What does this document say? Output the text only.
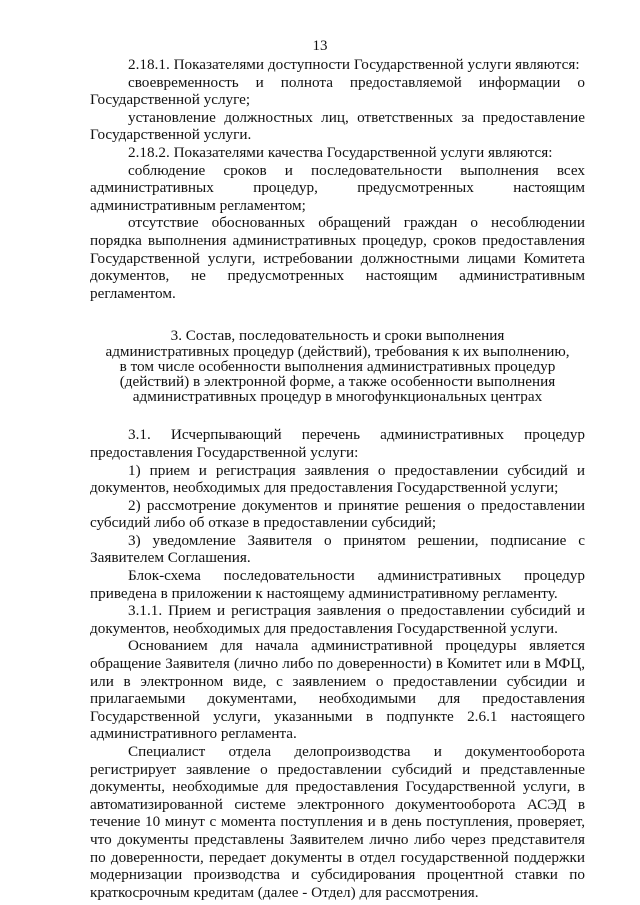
13

2.18.1. Показателями доступности Государственной услуги являются:

своевременность и полнота предоставляемой информации о Государственной услуге;

установление должностных лиц, ответственных за предоставление Государственной услуги.

2.18.2. Показателями качества Государственной услуги являются:

соблюдение сроков и последовательности выполнения всех административных процедур, предусмотренных настоящим административным регламентом;

отсутствие обоснованных обращений граждан о несоблюдении порядка выполнения административных процедур, сроков предоставления Государственной услуги, истребовании должностными лицами Комитета документов, не предусмотренных настоящим административным регламентом.

3. Состав, последовательность и сроки выполнения
административных процедур (действий), требования к их выполнению,
в том числе особенности выполнения административных процедур
(действий) в электронной форме, а также особенности выполнения
административных процедур в многофункциональных центрах

3.1. Исчерпывающий перечень административных процедур предоставления Государственной услуги:

1) прием и регистрация заявления о предоставлении субсидий и документов, необходимых для предоставления Государственной услуги;

2) рассмотрение документов и принятие решения о предоставлении субсидий либо об отказе в предоставлении субсидий;

3) уведомление Заявителя о принятом решении, подписание с Заявителем Соглашения.

Блок-схема последовательности административных процедур приведена в приложении к настоящему административному регламенту.

3.1.1. Прием и регистрация заявления о предоставлении субсидий и документов, необходимых для предоставления Государственной услуги.

Основанием для начала административной процедуры является обращение Заявителя (лично либо по доверенности) в Комитет или в МФЦ, или в электронном виде, с заявлением о предоставлении субсидии и прилагаемыми документами, необходимыми для предоставления Государственной услуги, указанными в подпункте 2.6.1 настоящего административного регламента.

Специалист отдела делопроизводства и документооборота регистрирует заявление о предоставлении субсидий и представленные документы, необходимые для предоставления Государственной услуги, в автоматизированной системе электронного документооборота АСЭД в течение 10 минут с момента поступления и в день поступления, проверяет, что документы представлены Заявителем лично либо через представителя по доверенности, передает документы в отдел государственной поддержки модернизации производства и субсидирования процентной ставки по краткосрочным кредитам (далее - Отдел) для рассмотрения.
